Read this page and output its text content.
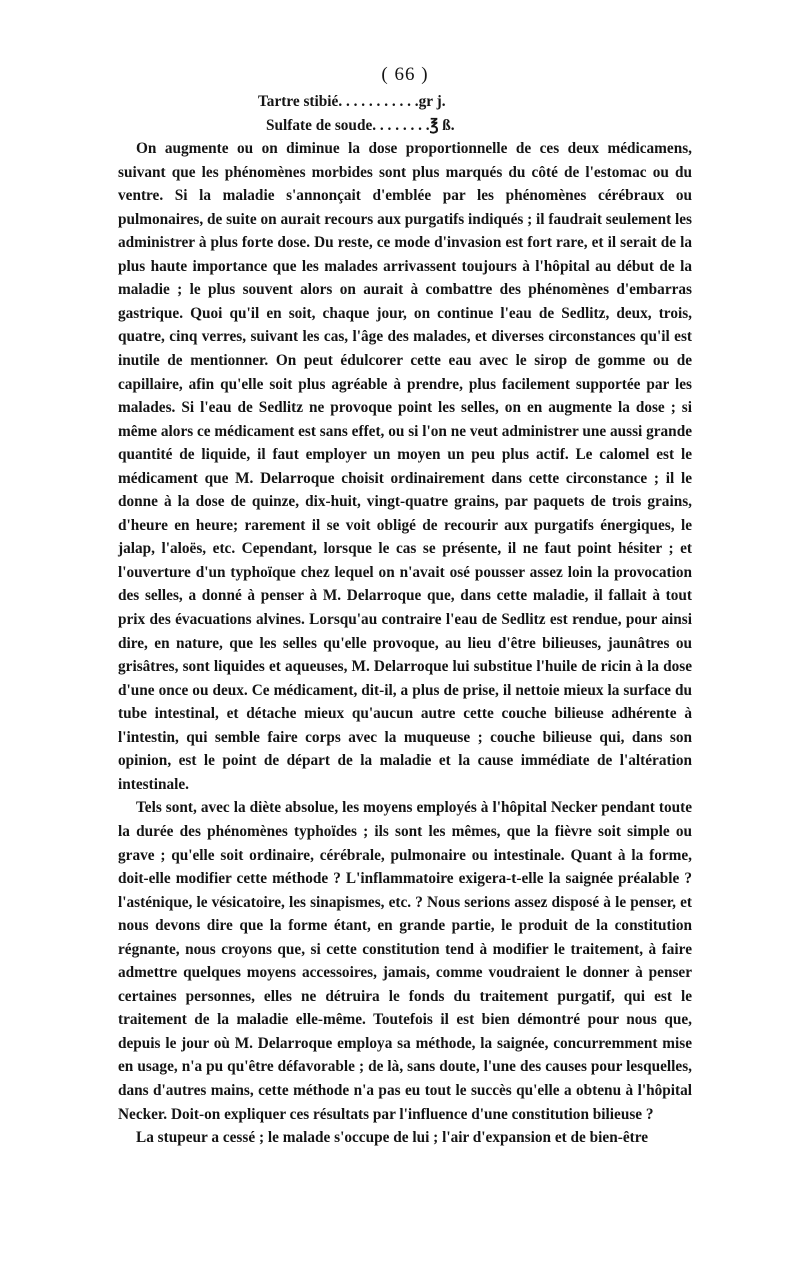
( 66 )
Tartre stibié. . . . . . . . . . .gr j.
Sulfate de soude. . . . . . . .℥ ß.

On augmente ou on diminue la dose proportionnelle de ces deux médicamens, suivant que les phénomènes morbides sont plus marqués du côté de l'estomac ou du ventre. Si la maladie s'annonçait d'emblée par les phénomènes cérébraux ou pulmonaires, de suite on aurait recours aux purgatifs indiqués ; il faudrait seulement les administrer à plus forte dose. Du reste, ce mode d'invasion est fort rare, et il serait de la plus haute importance que les malades arrivassent toujours à l'hôpital au début de la maladie ; le plus souvent alors on aurait à combattre des phénomènes d'embarras gastrique. Quoi qu'il en soit, chaque jour, on continue l'eau de Sedlitz, deux, trois, quatre, cinq verres, suivant les cas, l'âge des malades, et diverses circonstances qu'il est inutile de mentionner. On peut édulcorer cette eau avec le sirop de gomme ou de capillaire, afin qu'elle soit plus agréable à prendre, plus facilement supportée par les malades. Si l'eau de Sedlitz ne provoque point les selles, on en augmente la dose ; si même alors ce médicament est sans effet, ou si l'on ne veut administrer une aussi grande quantité de liquide, il faut employer un moyen un peu plus actif. Le calomel est le médicament que M. Delarroque choisit ordinairement dans cette circonstance ; il le donne à la dose de quinze, dix-huit, vingt-quatre grains, par paquets de trois grains, d'heure en heure; rarement il se voit obligé de recourir aux purgatifs énergiques, le jalap, l'aloës, etc. Cependant, lorsque le cas se présente, il ne faut point hésiter ; et l'ouverture d'un typhoïque chez lequel on n'avait osé pousser assez loin la provocation des selles, a donné à penser à M. Delarroque que, dans cette maladie, il fallait à tout prix des évacuations alvines. Lorsqu'au contraire l'eau de Sedlitz est rendue, pour ainsi dire, en nature, que les selles qu'elle provoque, au lieu d'être bilieuses, jaunâtres ou grisâtres, sont liquides et aqueuses, M. Delarroque lui substitue l'huile de ricin à la dose d'une once ou deux. Ce médicament, dit-il, a plus de prise, il nettoie mieux la surface du tube intestinal, et détache mieux qu'aucun autre cette couche bilieuse adhérente à l'intestin, qui semble faire corps avec la muqueuse ; couche bilieuse qui, dans son opinion, est le point de départ de la maladie et la cause immédiate de l'altération intestinale.

Tels sont, avec la diète absolue, les moyens employés à l'hôpital Necker pendant toute la durée des phénomènes typhoïdes ; ils sont les mêmes, que la fièvre soit simple ou grave ; qu'elle soit ordinaire, cérébrale, pulmonaire ou intestinale. Quant à la forme, doit-elle modifier cette méthode ? L'inflammatoire exigera-t-elle la saignée préalable ? l'asténique, le vésicatoire, les sinapismes, etc. ? Nous serions assez disposé à le penser, et nous devons dire que la forme étant, en grande partie, le produit de la constitution régnante, nous croyons que, si cette constitution tend à modifier le traitement, à faire admettre quelques moyens accessoires, jamais, comme voudraient le donner à penser certaines personnes, elles ne détruira le fonds du traitement purgatif, qui est le traitement de la maladie elle-même. Toutefois il est bien démontré pour nous que, depuis le jour où M. Delarroque employa sa méthode, la saignée, concurremment mise en usage, n'a pu qu'être défavorable ; de là, sans doute, l'une des causes pour lesquelles, dans d'autres mains, cette méthode n'a pas eu tout le succès qu'elle a obtenu à l'hôpital Necker. Doit-on expliquer ces résultats par l'influence d'une constitution bilieuse ?

La stupeur a cessé ; le malade s'occupe de lui ; l'air d'expansion et de bien-être
